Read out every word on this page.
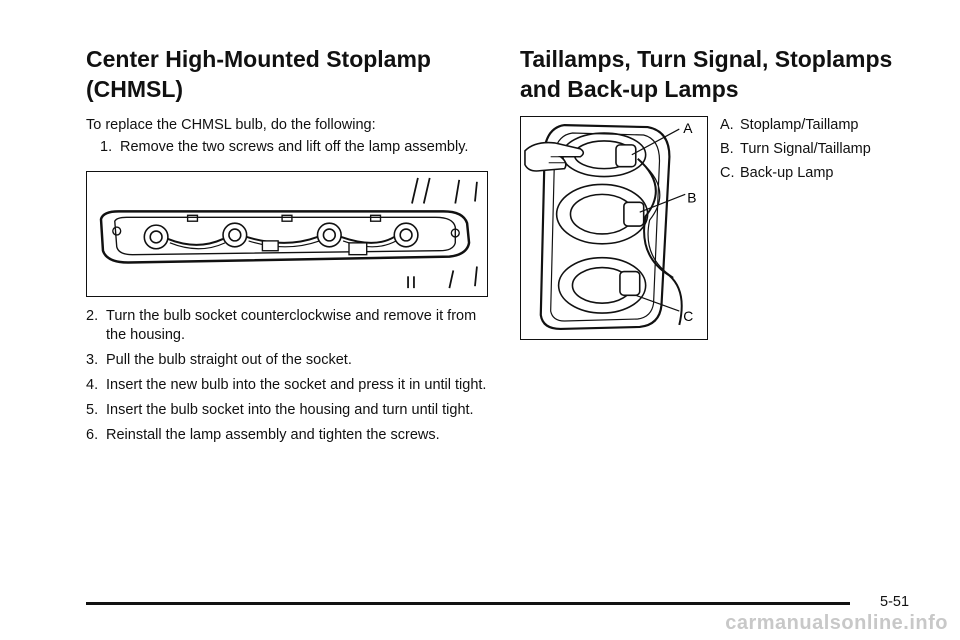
Center High-Mounted Stoplamp (CHMSL)

To replace the CHMSL bulb, do the following:

1. Remove the two screws and lift off the lamp assembly.
2. Turn the bulb socket counterclockwise and remove it from the housing.
3. Pull the bulb straight out of the socket.
4. Insert the new bulb into the socket and press it in until tight.
5. Insert the bulb socket into the housing and turn until tight.
6. Reinstall the lamp assembly and tighten the screws.
Taillamps, Turn Signal, Stoplamps and Back-up Lamps
A
B
C
A. Stoplamp/Taillamp
B. Turn Signal/Taillamp
C. Back-up Lamp
5-51
carmanualsonline.info
